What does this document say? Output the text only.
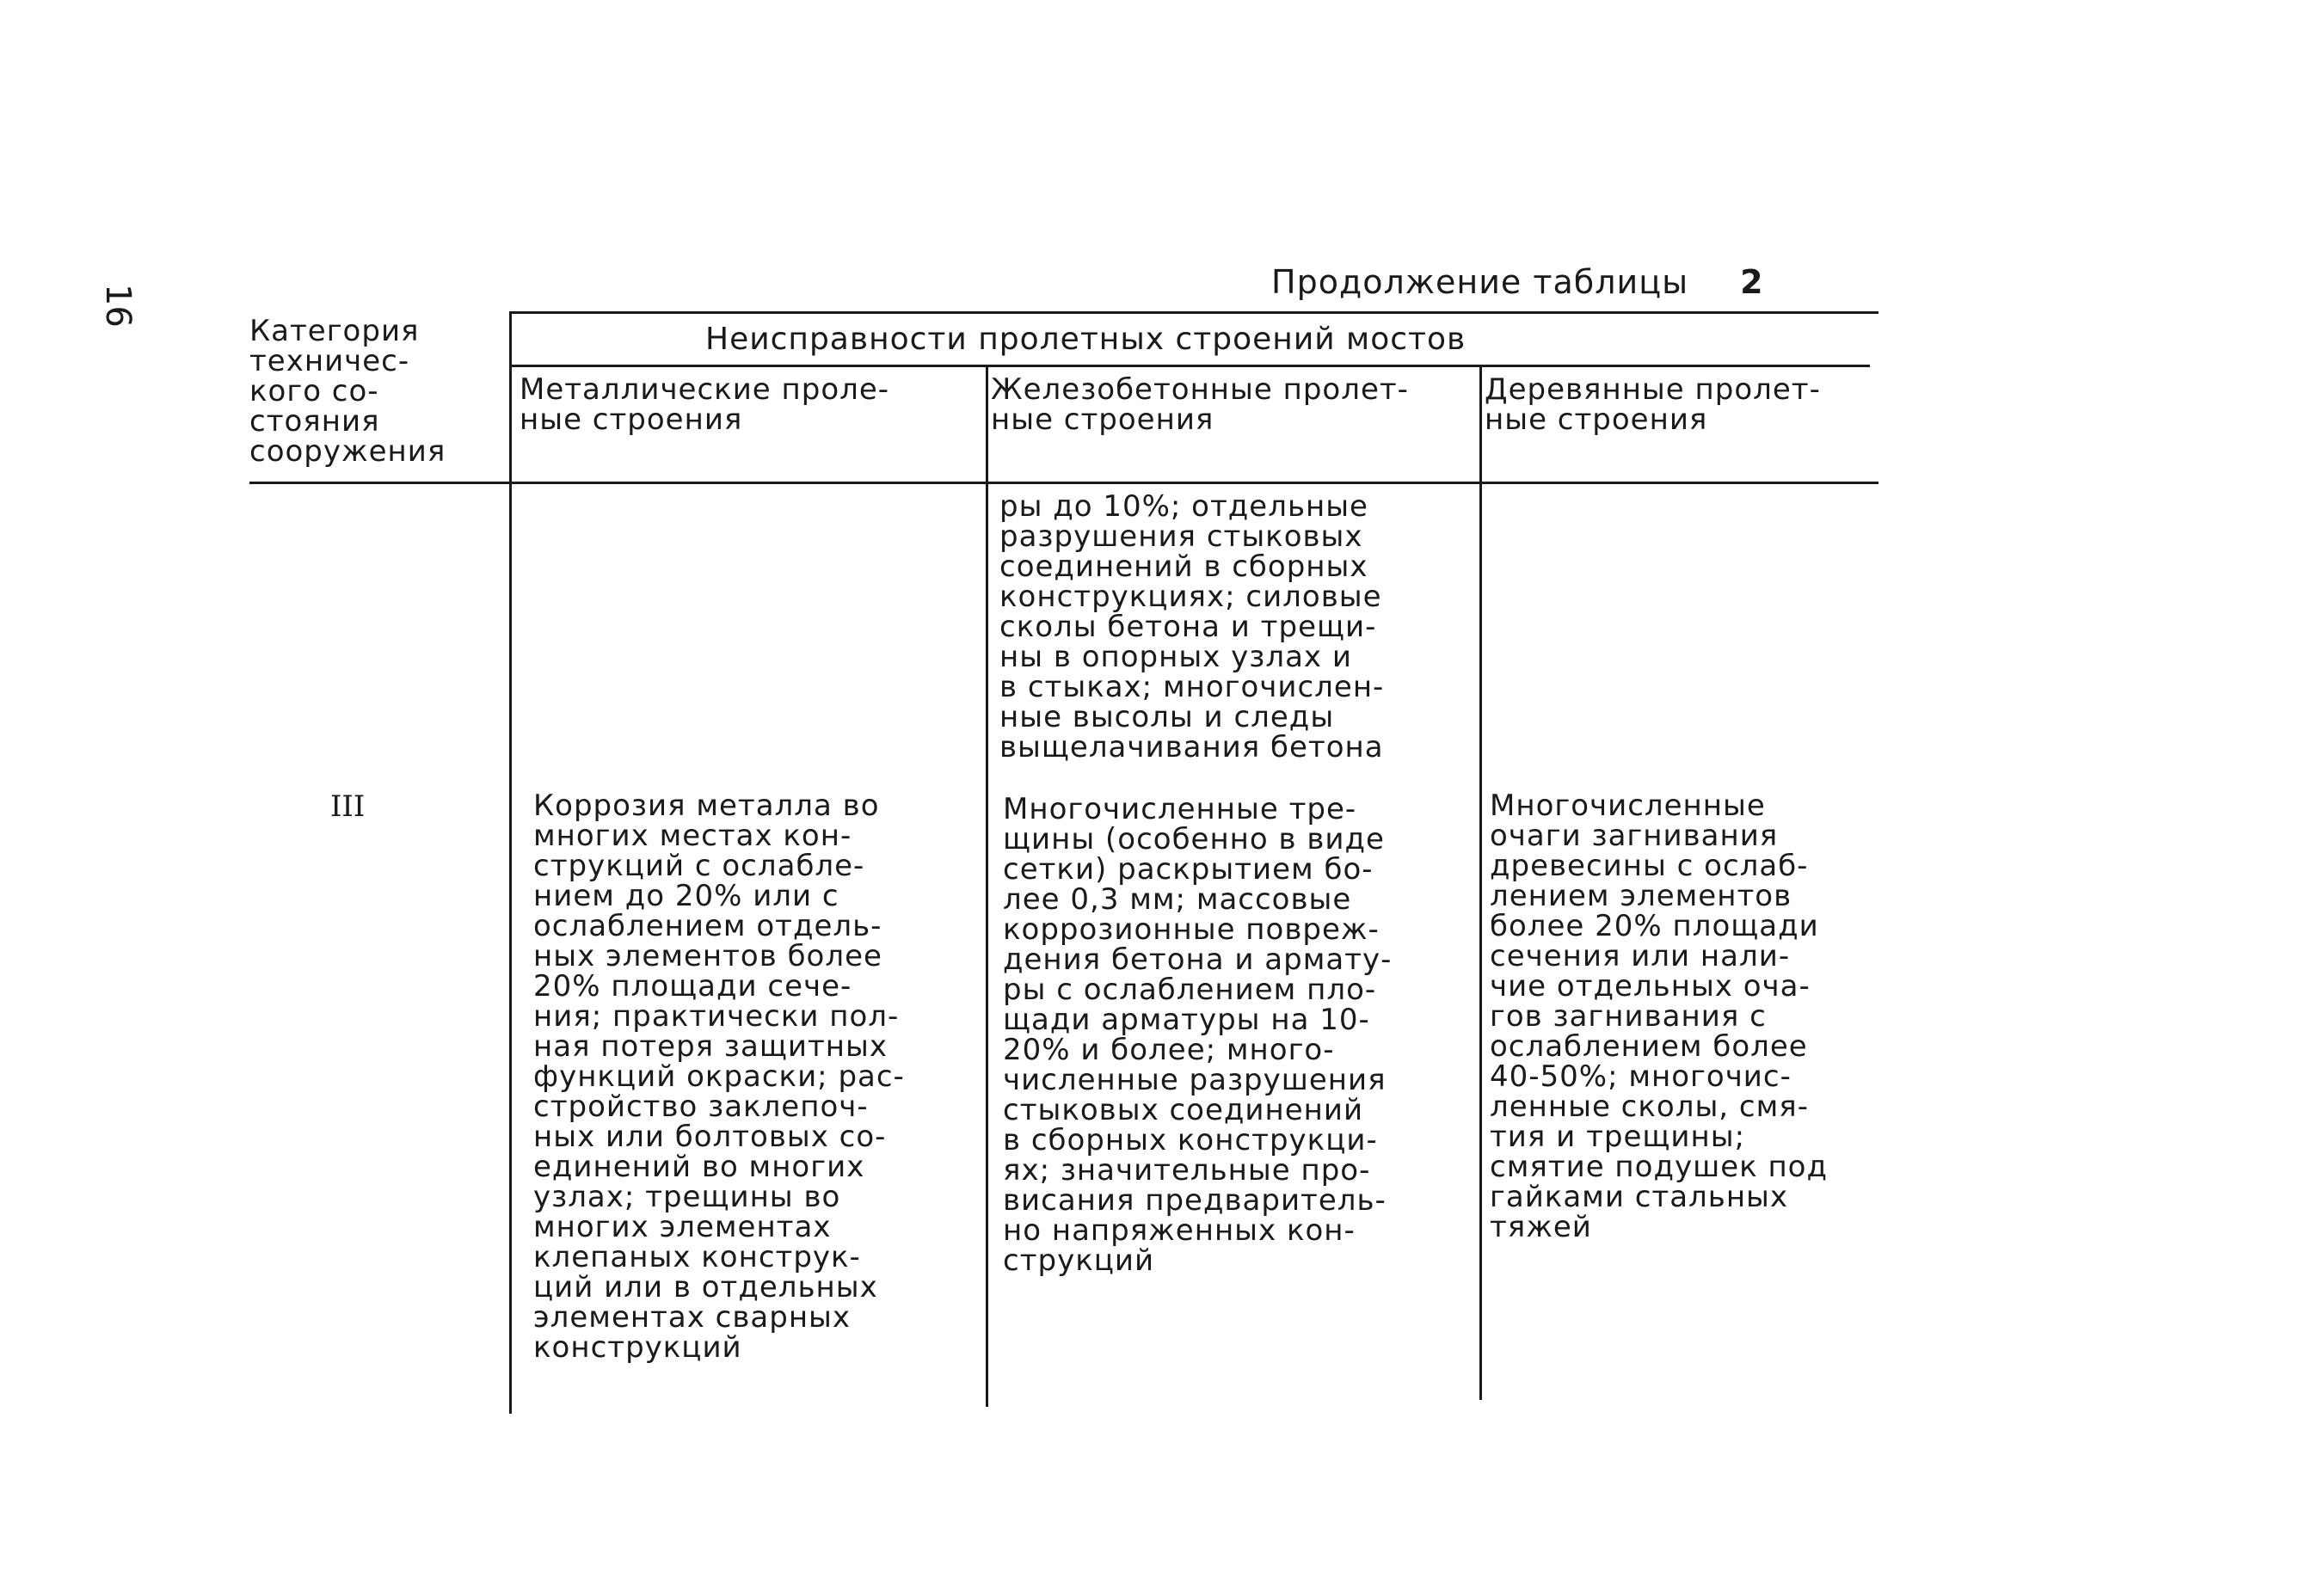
16
Продолжение таблицы 2
Категория
техничес-
кого со-
стояния
сооружения
Неисправности пролетных строений мостов
Металлические проле-
ные строения
Железобетонные пролет-
ные строения
Деревянные пролет-
ные строения
ры до 10%; отдельные
разрушения стыковых
соединений в сборных
конструкциях; силовые
сколы бетона и трещи-
ны в опорных узлах и
в стыках; многочислен-
ные высолы и следы
выщелачивания бетона
III	Коррозия металла во
многих местах кон-
струкций с ослабле-
нием до 20% или с
ослаблением отдель-
ных элементов более
20% площади сече-
ния; практически пол-
ная потеря защитных
функций окраски; рас-
стройство заклепоч-
ных или болтовых со-
единений во многих
узлах; трещины во
многих элементах
клепаных конструк-
ций или в отдельных
элементах сварных
конструкций
Многочисленные тре-
щины (особенно в виде
сетки) раскрытием бо-
лее 0,3 мм; массовые
коррозионные повреж-
дения бетона и армату-
ры с ослаблением пло-
щади арматуры на 10-
20% и более; много-
численные разрушения
стыковых соединений
в сборных конструкци-
ях; значительные про-
висания предваритель-
но напряженных кон-
струкций
Многочисленные
очаги загнивания
древесины с ослаб-
лением элементов
более 20% площади
сечения или нали-
чие отдельных оча-
гов загнивания с
ослаблением более
40-50%; многочис-
ленные сколы, смя-
тия и трещины;
смятие подушек под
гайками стальных
тяжей
